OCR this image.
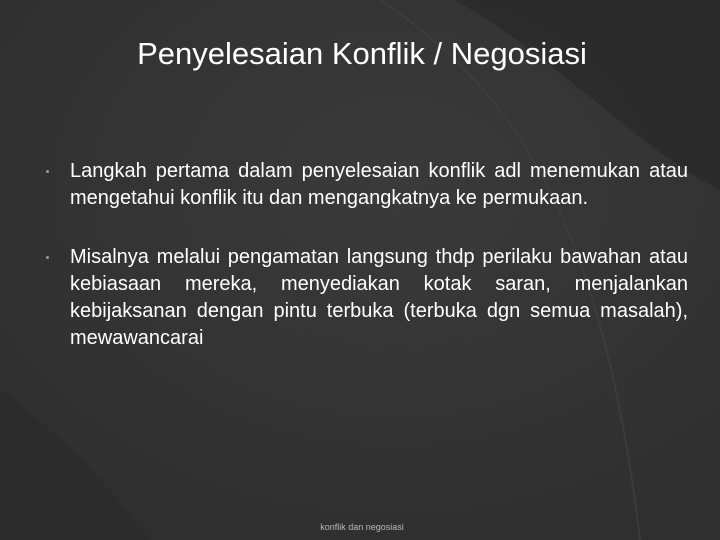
Penyelesaian Konflik / Negosiasi
Langkah pertama dalam penyelesaian konflik adl menemukan atau mengetahui konflik itu dan mengangkatnya ke permukaan.
Misalnya melalui pengamatan langsung thdp perilaku bawahan atau kebiasaan mereka, menyediakan kotak saran, menjalankan kebijaksanan dengan pintu terbuka (terbuka dgn semua masalah), mewawancarai
konflik dan negosiasi
